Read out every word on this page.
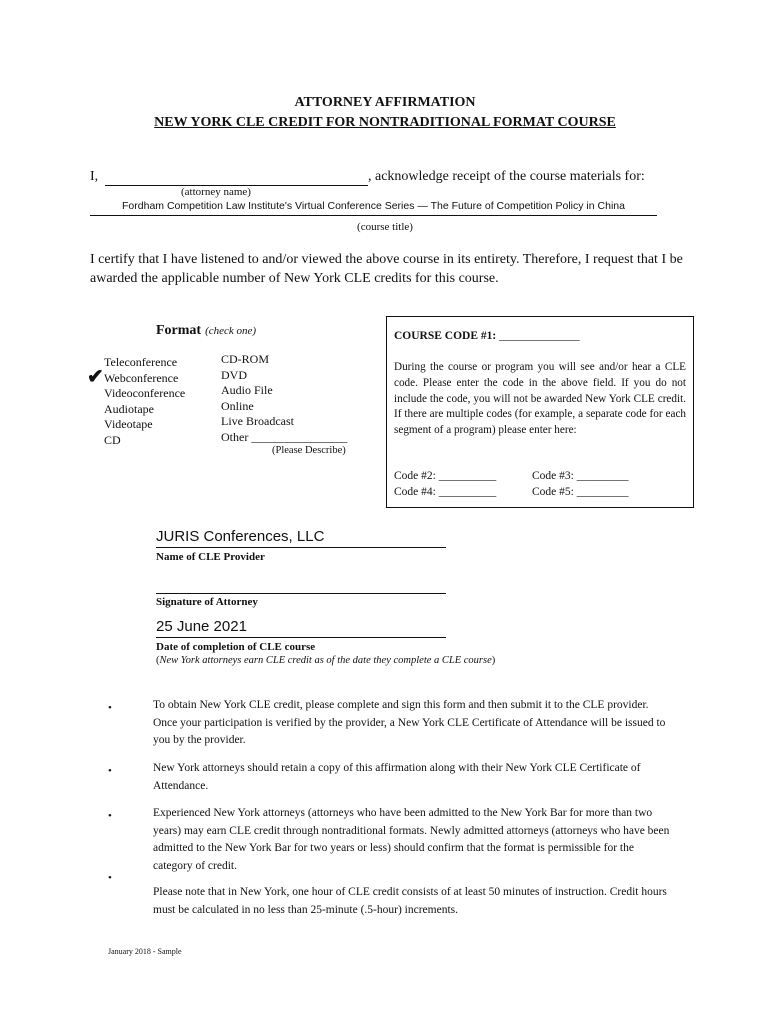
ATTORNEY AFFIRMATION
NEW YORK CLE CREDIT FOR NONTRADITIONAL FORMAT COURSE
I,	, acknowledge receipt of the course materials for:
(attorney name)
Fordham Competition Law Institute's Virtual Conference Series — The Future of Competition Policy in China
(course title)
I certify that I have listened to and/or viewed the above course in its entirety. Therefore, I request that I be awarded the applicable number of New York CLE credits for this course.
Format (check one)
✔
Teleconference
Webconference
Videoconference
Audiotape
Videotape
CD
CD-ROM
DVD
Audio File
Online
Live Broadcast
Other ________________
(Please Describe)
COURSE CODE #1: ______________
During the course or program you will see and/or hear a CLE code. Please enter the code in the above field. If you do not include the code, you will not be awarded New York CLE credit. If there are multiple codes (for example, a separate code for each segment of a program) please enter here:
Code #2: __________
Code #4: __________
Code #3: _________
Code #5: _________
JURIS Conferences, LLC
Name of CLE Provider
Signature of Attorney
25 June 2021
Date of completion of CLE course
(New York attorneys earn CLE credit as of the date they complete a CLE course)
•	To obtain New York CLE credit, please complete and sign this form and then submit it to the CLE provider. Once your participation is verified by the provider, a New York CLE Certificate of Attendance will be issued to you by the provider.
•	New York attorneys should retain a copy of this affirmation along with their New York CLE Certificate of Attendance.
•	Experienced New York attorneys (attorneys who have been admitted to the New York Bar for more than two years) may earn CLE credit through nontraditional formats. Newly admitted attorneys (attorneys who have been admitted to the New York Bar for two years or less) should confirm that the format is permissible for the category of credit.
•
Please note that in New York, one hour of CLE credit consists of at least 50 minutes of instruction. Credit hours must be calculated in no less than 25-minute (.5-hour) increments.
January 2018 - Sample
